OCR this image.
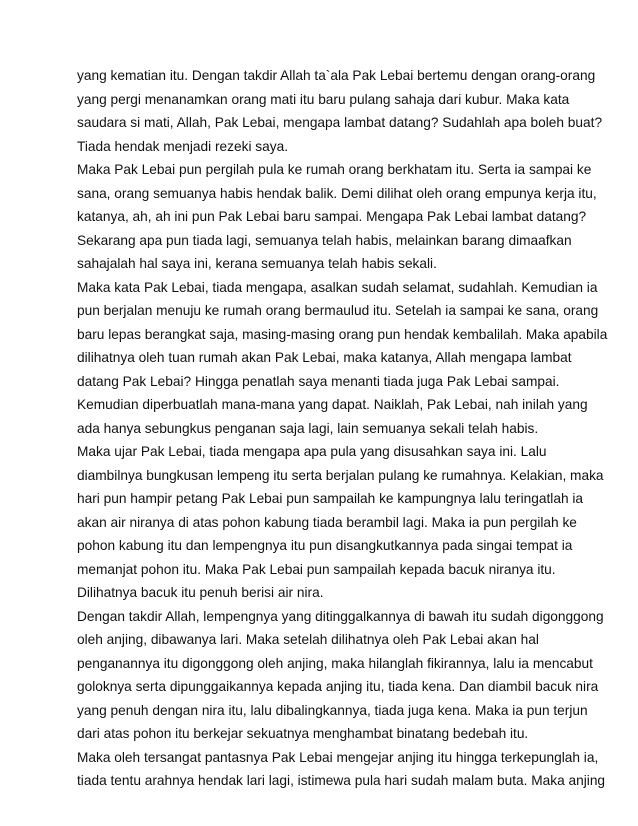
yang kematian itu. Dengan takdir Allah ta`ala Pak Lebai bertemu dengan orang-orang
yang pergi menanamkan orang mati itu baru pulang sahaja dari kubur. Maka kata
saudara si mati, Allah, Pak Lebai, mengapa lambat datang? Sudahlah apa boleh buat?
Tiada hendak menjadi rezeki saya.
Maka Pak Lebai pun pergilah pula ke rumah orang berkhatam itu. Serta ia sampai ke
sana, orang semuanya habis hendak balik. Demi dilihat oleh orang empunya kerja itu,
katanya, ah, ah ini pun Pak Lebai baru sampai. Mengapa Pak Lebai lambat datang?
Sekarang apa pun tiada lagi, semuanya telah habis, melainkan barang dimaafkan
sahajalah hal saya ini, kerana semuanya telah habis sekali.
Maka kata Pak Lebai, tiada mengapa, asalkan sudah selamat, sudahlah. Kemudian ia
pun berjalan menuju ke rumah orang bermaulud itu. Setelah ia sampai ke sana, orang
baru lepas berangkat saja, masing-masing orang pun hendak kembalilah. Maka apabila
dilihatnya oleh tuan rumah akan Pak Lebai, maka katanya, Allah mengapa lambat
datang Pak Lebai? Hingga penatlah saya menanti tiada juga Pak Lebai sampai.
Kemudian diperbuatlah mana-mana yang dapat. Naiklah, Pak Lebai, nah inilah yang
ada hanya sebungkus penganan saja lagi, lain semuanya sekali telah habis.
Maka ujar Pak Lebai, tiada mengapa apa pula yang disusahkan saya ini. Lalu
diambilnya bungkusan lempeng itu serta berjalan pulang ke rumahnya. Kelakian, maka
hari pun hampir petang Pak Lebai pun sampailah ke kampungnya lalu teringatlah ia
akan air niranya di atas pohon kabung tiada berambil lagi. Maka ia pun pergilah ke
pohon kabung itu dan lempengnya itu pun disangkutkannya pada singai tempat ia
memanjat pohon itu. Maka Pak Lebai pun sampailah kepada bacuk niranya itu.
Dilihatnya bacuk itu penuh berisi air nira.
Dengan takdir Allah, lempengnya yang ditinggalkannya di bawah itu sudah digonggong
oleh anjing, dibawanya lari. Maka setelah dilihatnya oleh Pak Lebai akan hal
penganannya itu digonggong oleh anjing, maka hilanglah fikirannya, lalu ia mencabut
goloknya serta dipunggaikannya kepada anjing itu, tiada kena. Dan diambil bacuk nira
yang penuh dengan nira itu, lalu dibalingkannya, tiada juga kena. Maka ia pun terjun
dari atas pohon itu berkejar sekuatnya menghambat binatang bedebah itu.
Maka oleh tersangat pantasnya Pak Lebai mengejar anjing itu hingga terkepunglah ia,
tiada tentu arahnya hendak lari lagi, istimewa pula hari sudah malam buta. Maka anjing
